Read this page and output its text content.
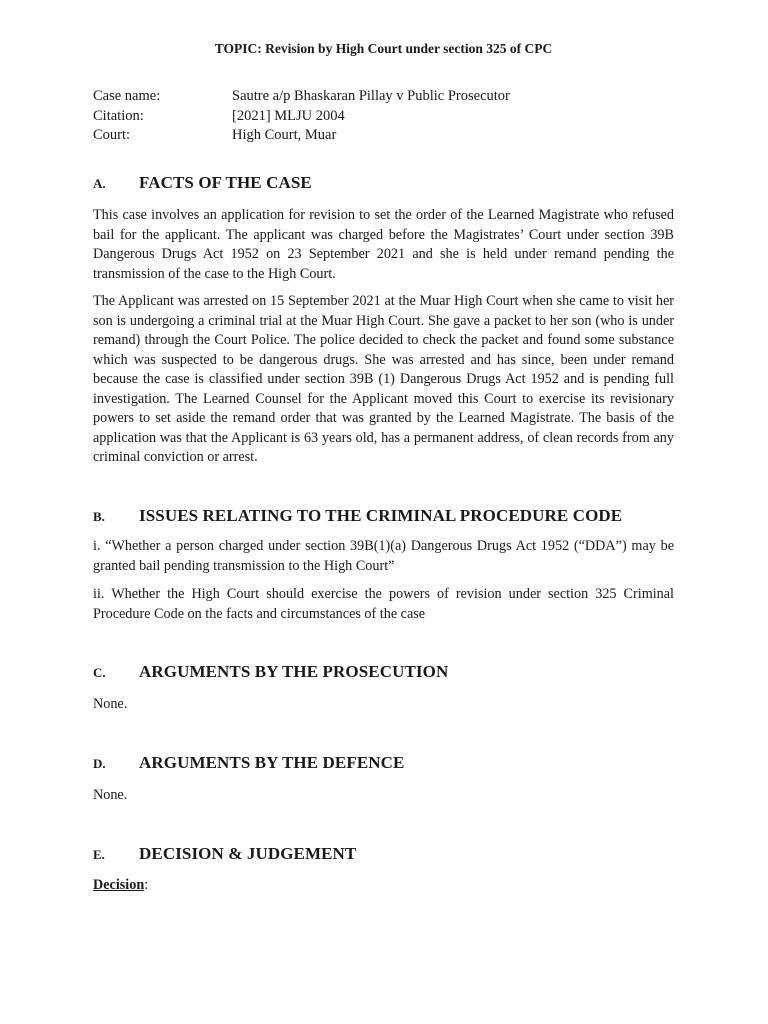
TOPIC: Revision by High Court under section 325 of CPC
Case name:	Sautre a/p Bhaskaran Pillay v Public Prosecutor
Citation:	[2021] MLJU 2004
Court:	High Court, Muar
A.	FACTS OF THE CASE

This case involves an application for revision to set the order of the Learned Magistrate who refused bail for the applicant. The applicant was charged before the Magistrates’ Court under section 39B Dangerous Drugs Act 1952 on 23 September 2021 and she is held under remand pending the transmission of the case to the High Court.

The Applicant was arrested on 15 September 2021 at the Muar High Court when she came to visit her son is undergoing a criminal trial at the Muar High Court. She gave a packet to her son (who is under remand) through the Court Police. The police decided to check the packet and found some substance which was suspected to be dangerous drugs. She was arrested and has since, been under remand because the case is classified under section 39B (1) Dangerous Drugs Act 1952 and is pending full investigation. The Learned Counsel for the Applicant moved this Court to exercise its revisionary powers to set aside the remand order that was granted by the Learned Magistrate. The basis of the application was that the Applicant is 63 years old, has a permanent address, of clean records from any criminal conviction or arrest.

B.	ISSUES RELATING TO THE CRIMINAL PROCEDURE CODE

i. “Whether a person charged under section 39B(1)(a) Dangerous Drugs Act 1952 (“DDA”) may be granted bail pending transmission to the High Court”

ii. Whether the High Court should exercise the powers of revision under section 325 Criminal Procedure Code on the facts and circumstances of the case

C.	ARGUMENTS BY THE PROSECUTION

None.

D.	ARGUMENTS BY THE DEFENCE

None.

E.	DECISION & JUDGEMENT

Decision:
